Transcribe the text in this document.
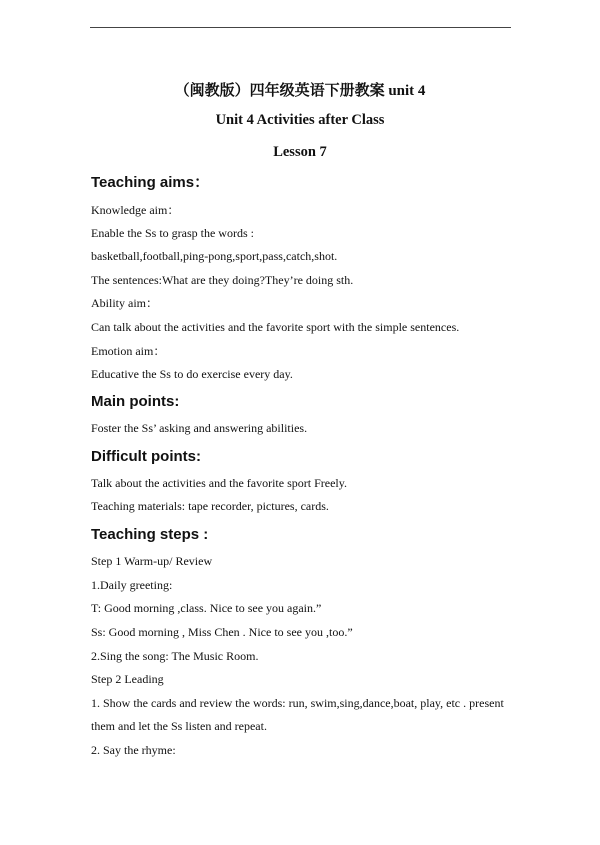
（闽教版）四年级英语下册教案 unit 4
Unit 4 Activities after Class
Lesson 7
Teaching aims：
Knowledge aim：
Enable the Ss to grasp the words :
basketball,football,ping-pong,sport,pass,catch,shot.
The sentences:What are they doing?They’re doing sth.
Ability aim：
Can talk about the activities and the favorite sport with the simple sentences.
Emotion aim：
Educative the Ss to do exercise every day.
Main points:
Foster the Ss’ asking and answering abilities.
Difficult points:
Talk about the activities and the favorite sport Freely.
Teaching materials: tape recorder, pictures, cards.
Teaching steps :
Step 1 Warm-up/ Review
1.Daily greeting:
T: Good morning ,class. Nice to see you again.”
Ss: Good morning , Miss Chen . Nice to see you ,too.”
2.Sing the song: The Music Room.
Step 2 Leading
1. Show the cards and review the words: run, swim,sing,dance,boat, play, etc . present
them and let the Ss listen and repeat.
2. Say the rhyme:
